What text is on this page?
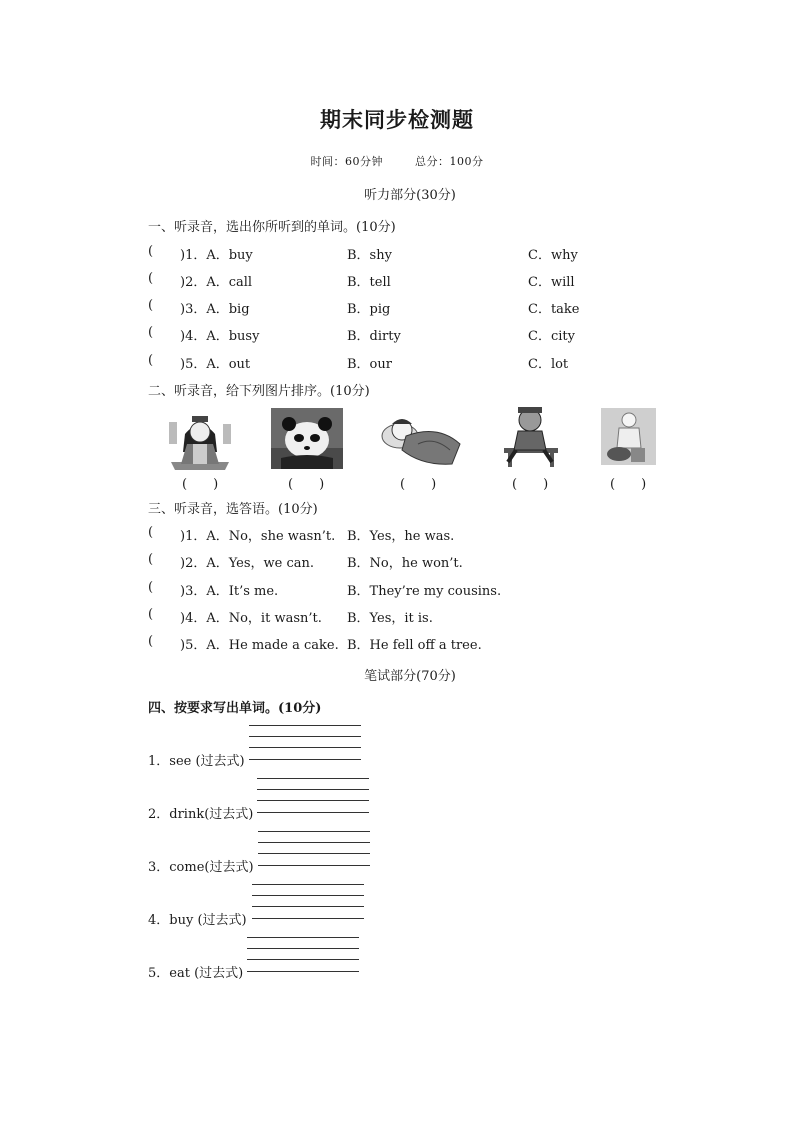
期末同步检测题
时间：60分钟	总分：100分
听力部分(30分)
一、听录音，选出你所听到的单词。(10分)
( )1．A．buy	B．shy	C．why
( )2．A．call	B．tell	C．will
( )3．A．big	B．pig	C．take
( )4．A．busy	B．dirty	C．city
( )5．A．out	B．our	C．lot
二、听录音，给下列图片排序。(10分)
(　　)	(　　)	(　　)	(　　)	(　　)
三、听录音，选答语。(10分)
( )1．A．No，she wasn’t. B．Yes，he was.
( )2．A．Yes，we can.	B．No，he won’t.
( )3．A．It’s me.	B．They’re my cousins.
( )4．A．No，it wasn’t. B．Yes，it is.
( )5．A．He made a cake. B．He fell off a tree.
笔试部分(70分)
四、按要求写出单词。(10分)
1．see (过去式)
2．drink(过去式)
3．come(过去式)
4．buy (过去式)
5．eat (过去式)
